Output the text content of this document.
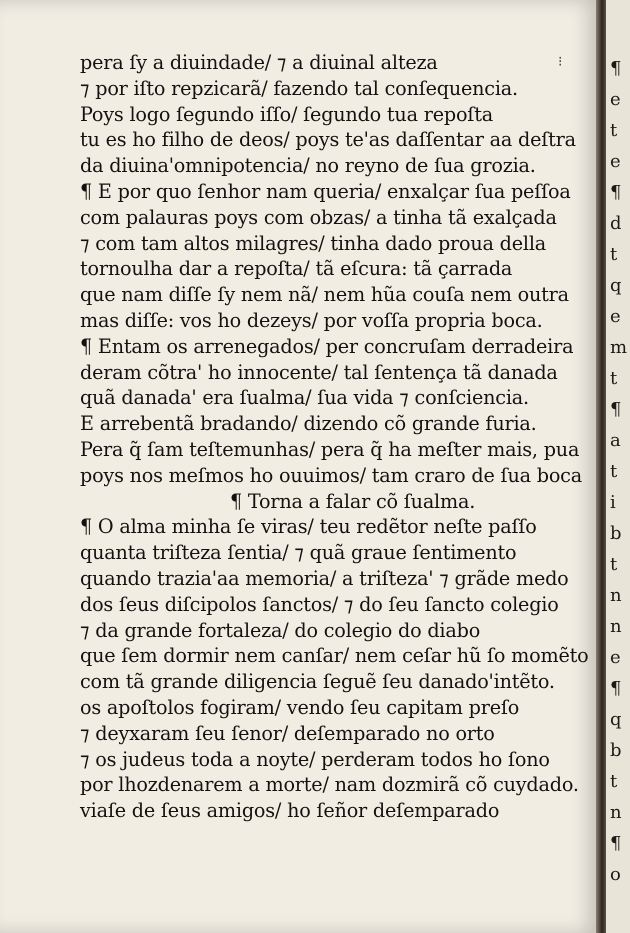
⁝
pera ſy a diuindade/ ⁊ a diuinal alteza
⁊ por iſto repzicarã/ fazendo tal conſequencia.
Poys logo ſegundo iſſo/ ſegundo tua repoſta
tu es ho filho de deos/ poys te'as daſſentar aa deſtra
da diuina'omnipotencia/ no reyno de ſua grozia.
¶ E por quo ſenhor nam queria/ enxalçar ſua peſſoa
com palauras poys com obzas/ a tinha tã exalçada
⁊ com tam altos milagres/ tinha dado proua della
tornoulha dar a repoſta/ tã eſcura: tã çarrada
que nam diſſe ſy nem nã/ nem hũa couſa nem outra
mas diſſe: vos ho dezeys/ por voſſa propria boca.
¶ Entam os arrenegados/ per concruſam derradeira
deram cõtra' ho innocente/ tal ſentença tã danada
quã danada' era ſualma/ ſua vida ⁊ conſciencia.
E arrebentã bradando/ dizendo cõ grande furia.
Pera q̃ ſam teſtemunhas/ pera q̃ ha meſter mais, pua
poys nos meſmos ho ouuimos/ tam craro de ſua boca
¶ Torna a falar cõ ſualma.
¶ O alma minha ſe viras/ teu redẽtor neſte paſſo
quanta triſteza ſentia/ ⁊ quã graue ſentimento
quando trazia'aa memoria/ a triſteza' ⁊ grãde medo
dos ſeus diſcipolos ſanctos/ ⁊ do ſeu ſancto colegio
⁊ da grande fortaleza/ do colegio do diabo
que ſem dormir nem canſar/ nem ceſar hũ ſo momẽto
com tã grande diligencia ſeguẽ ſeu danado'intẽto.
os apoſtolos fogiram/ vendo ſeu capitam preſo
⁊ deyxaram ſeu ſenor/ deſemparado no orto
⁊ os judeus toda a noyte/ perderam todos ho ſono
por lhozdenarem a morte/ nam dozmirã cõ cuydado.
viaſe de ſeus amigos/ ho ſeñor deſemparado
¶
e
t
e
¶
d
t
q
e
m
t
¶
a
t
i
b
t
n
n
e
¶
q
b
t
n
¶
o
